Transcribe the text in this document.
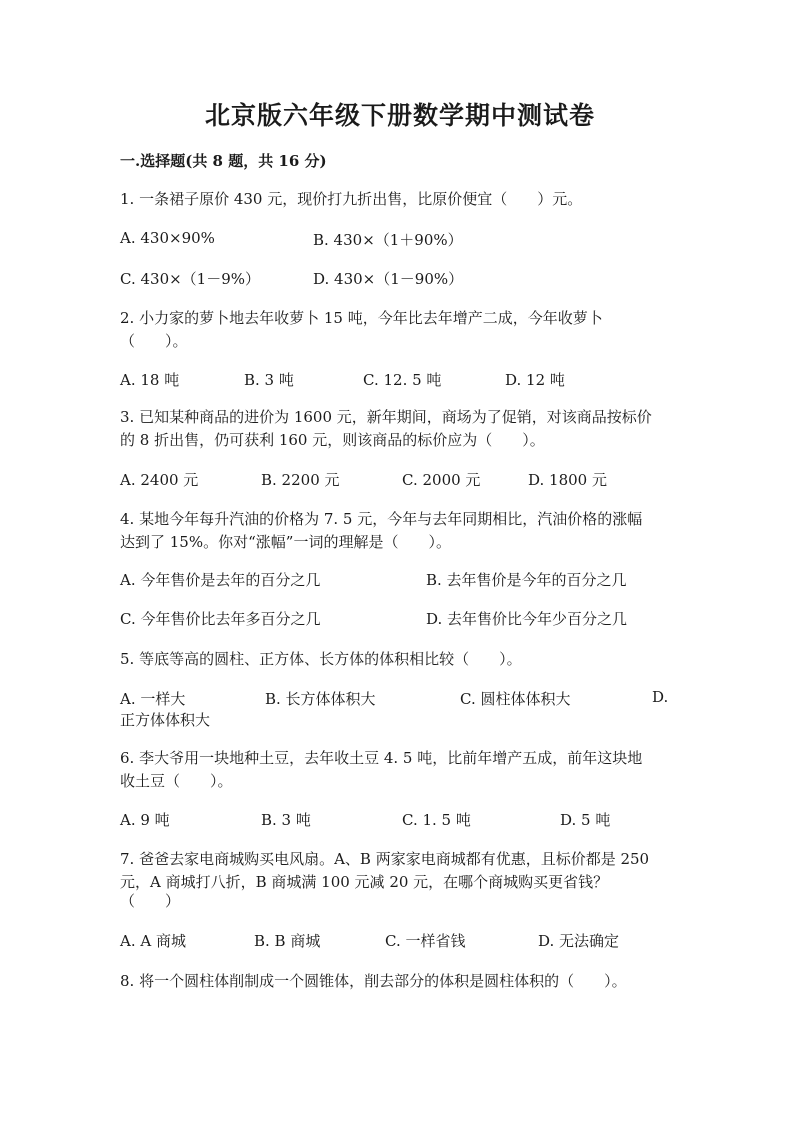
北京版六年级下册数学期中测试卷
一.选择题(共 8 题，共 16 分)
1. 一条裙子原价 430 元，现价打九折出售，比原价便宜（　　）元。
A. 430×90%	B. 430×（1＋90%）
C. 430×（1－9%）	D. 430×（1－90%）
2. 小力家的萝卜地去年收萝卜 15 吨，今年比去年增产二成，今年收萝卜
（　　）。
A. 18 吨	B. 3 吨	C. 12. 5 吨	D. 12 吨
3. 已知某种商品的进价为 1600 元，新年期间，商场为了促销，对该商品按标价
的 8 折出售，仍可获利 160 元，则该商品的标价应为（　　）。
A. 2400 元	B. 2200 元	C. 2000 元	D. 1800 元
4. 某地今年每升汽油的价格为 7. 5 元，今年与去年同期相比，汽油价格的涨幅
达到了 15%。你对“涨幅”一词的理解是（　　）。
A. 今年售价是去年的百分之几	B. 去年售价是今年的百分之几
C. 今年售价比去年多百分之几	D. 去年售价比今年少百分之几
5. 等底等高的圆柱、正方体、长方体的体积相比较（　　）。
A. 一样大	B. 长方体体积大	C. 圆柱体体积大	D.
正方体体积大
6. 李大爷用一块地种土豆，去年收土豆 4. 5 吨，比前年增产五成，前年这块地
收土豆（　　）。
A. 9 吨	B. 3 吨	C. 1. 5 吨	D. 5 吨
7. 爸爸去家电商城购买电风扇。A、B 两家家电商城都有优惠，且标价都是 250
元，A 商城打八折，B 商城满 100 元减 20 元，在哪个商城购买更省钱？
（　　）
A. A 商城	B. B 商城	C. 一样省钱	D. 无法确定
8. 将一个圆柱体削制成一个圆锥体，削去部分的体积是圆柱体积的（　　）。
